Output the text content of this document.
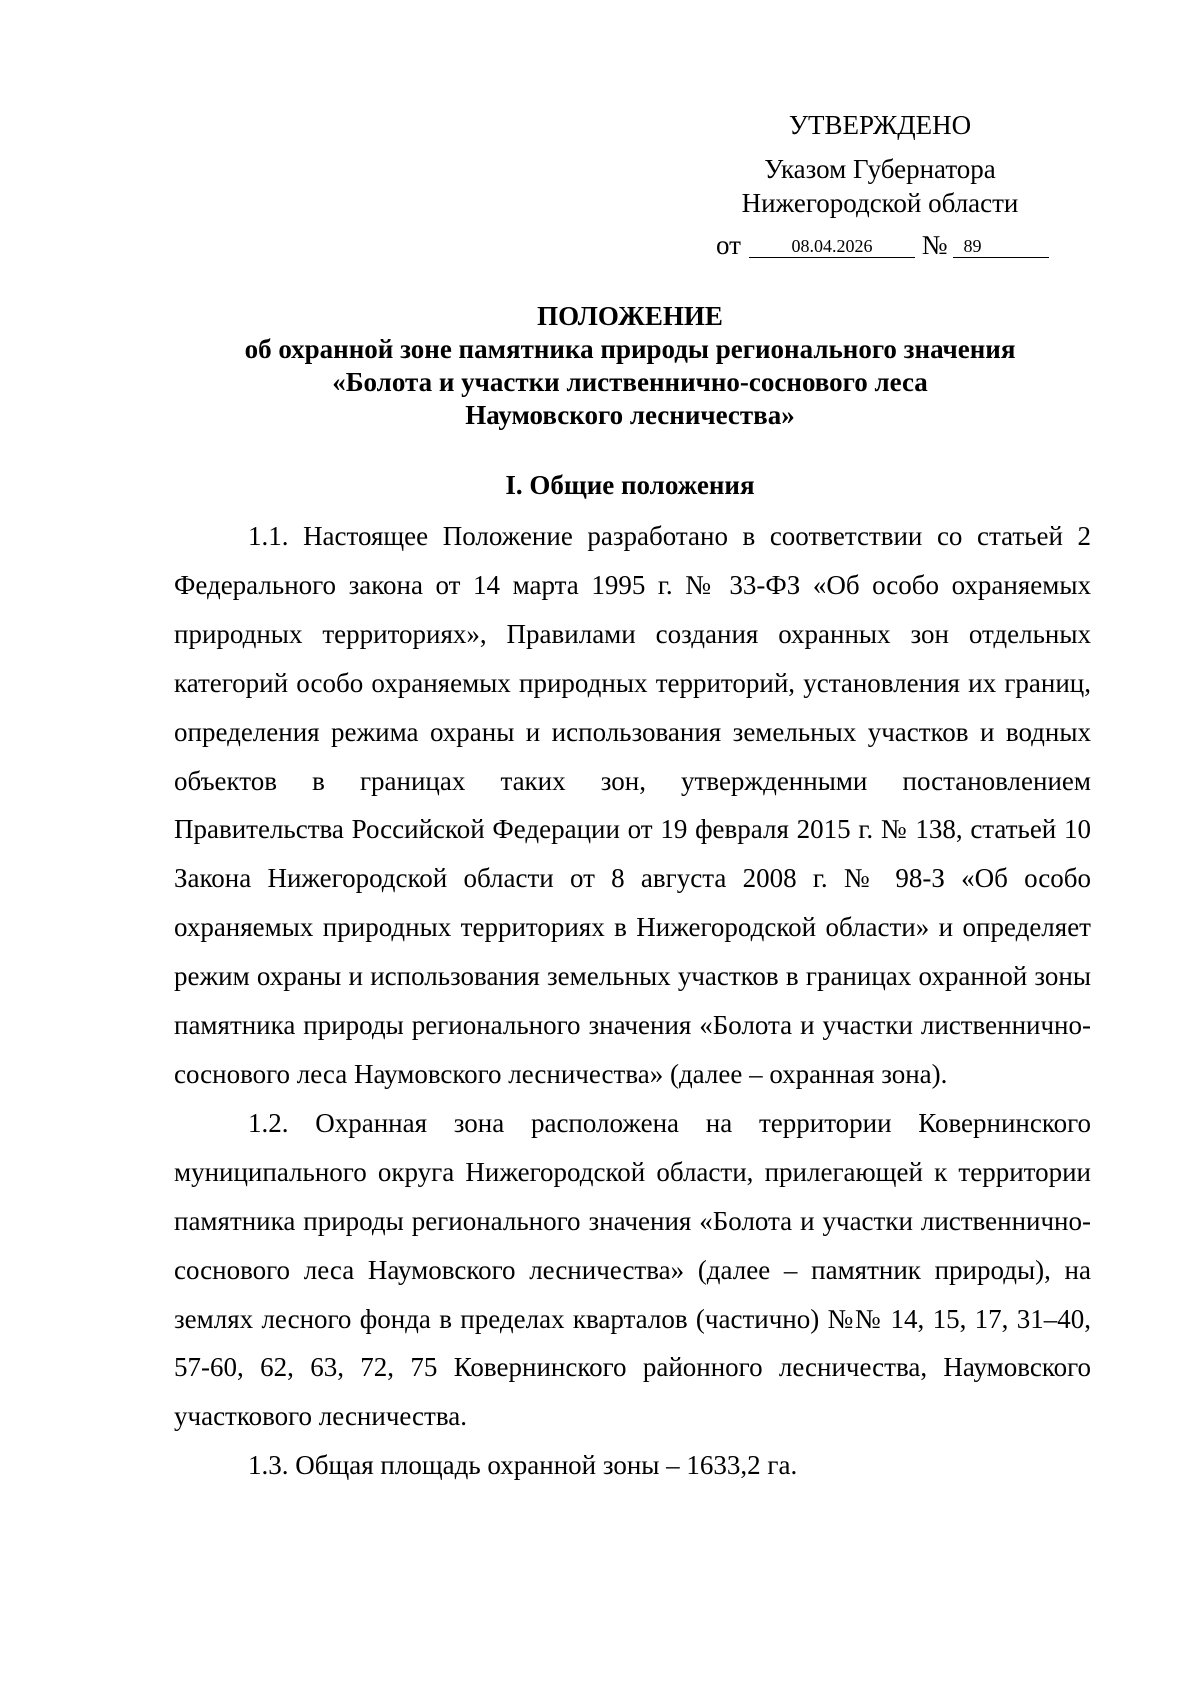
УТВЕРЖДЕНО
Указом Губернатора
Нижегородской области
от	08.04.2026 № 89
ПОЛОЖЕНИЕ
об охранной зоне памятника природы регионального значения
«Болота и участки лиственнично-соснового леса
Наумовского лесничества»
I. Общие положения

1.1. Настоящее Положение разработано в соответствии со статьей 2 Федерального закона от 14 марта 1995 г. № 33-ФЗ «Об особо охраняемых природных территориях», Правилами создания охранных зон отдельных категорий особо охраняемых природных территорий, установления их границ, определения режима охраны и использования земельных участков и водных объектов в границах таких зон, утвержденными постановлением Правительства Российской Федерации от 19 февраля 2015 г. № 138, статьей 10 Закона Нижегородской области от 8 августа 2008 г. № 98-З «Об особо охраняемых природных территориях в Нижегородской области» и определяет режим охраны и использования земельных участков в границах охранной зоны памятника природы регионального значения «Болота и участки лиственнично-соснового леса Наумовского лесничества» (далее – охранная зона).

1.2. Охранная зона расположена на территории Ковернинского муниципального округа Нижегородской области, прилегающей к территории памятника природы регионального значения «Болота и участки лиственнично-соснового леса Наумовского лесничества» (далее – памятник природы), на землях лесного фонда в пределах кварталов (частично) №№ 14, 15, 17, 31–40, 57-60, 62, 63, 72, 75 Ковернинского районного лесничества, Наумовского участкового лесничества.

1.3. Общая площадь охранной зоны – 1633,2 га.
